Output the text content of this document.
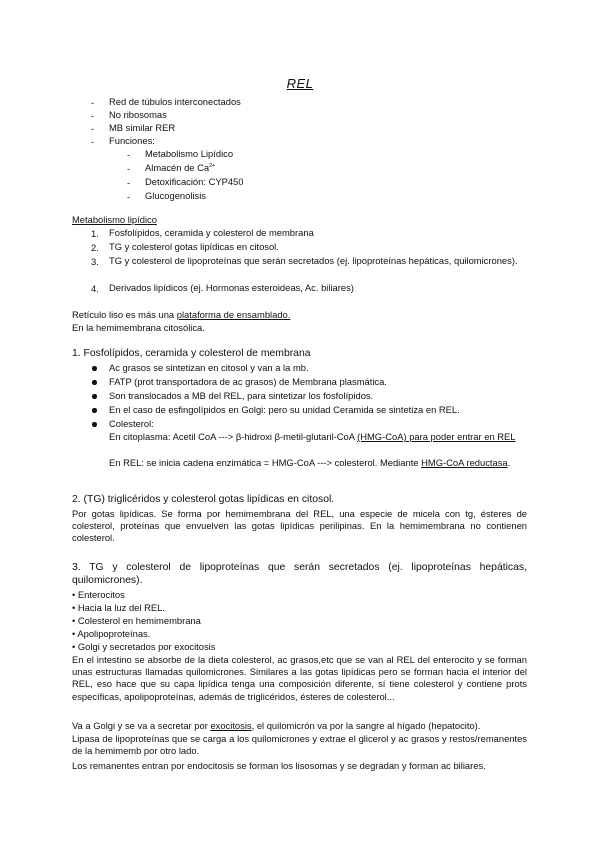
REL
- Red de túbulos interconectados
- No ribosomas
- MB similar RER
- Funciones:
- Metabolismo Lipídico
- Almacén de $Ca^{2+}$
- Detoxificación: CYP450
- Glucogenolisis
Metabolismo lipídico
1. Fosfolípidos, ceramida y colesterol de membrana
2. TG y colesterol gotas lipídicas en citosol.
3. TG y colesterol de lipoproteínas que serán secretados (ej. lipoproteínas hepáticas, quilomicrones).
4. Derivados lipídicos (ej. Hormonas esteroideas, Ac. biliares)
Retículo liso es más una plataforma de ensamblado.
En la hemimembrana citosólica.
1. Fosfolípidos, ceramida y colesterol de membrana
Ac grasos se sintetizan en citosol y van a la mb.
FATP (prot transportadora de ac grasos) de Membrana plasmática.
Son translocados a MB del REL, para sintetizar los fosfolípidos.
En el caso de esfingolípidos en Golgi: pero su unidad Ceramida se sintetiza en REL.
Colesterol:
En citoplasma: Acetil CoA ---> β-hidroxi β-metil-glutaril-CoA (HMG-CoA) para poder entrar en REL
En REL: se inicia cadena enzimática = HMG-CoA ---> colesterol. Mediante HMG-CoA reductasa.
2. (TG) triglicéridos y colesterol gotas lipídicas en citosol.
Por gotas lipídicas. Se forma por hemimembrana del REL, una especie de micela con tg, ésteres de colesterol, proteínas que envuelven las gotas lipídicas perilipinas. En la hemimembrana no contienen colesterol.
3. TG y colesterol de lipoproteínas que serán secretados (ej. lipoproteínas hepáticas, quilomicrones).
• Enterocitos
• Hacia la luz del REL.
• Colesterol en hemimembrana
• Apolipoproteínas.
• Golgi y secretados por exocitosis
En el intestino se absorbe de la dieta colesterol, ac grasos,etc que se van al REL del enterocito y se forman unas estructuras llamadas quilomicrones. Similares a las gotas lipídicas pero se forman hacia el interior del REL, eso hace que su capa lipídica tenga una composición diferente, sí tiene colesterol y contiene prots específicas, apolipoproteínas, además de triglicéridos, ésteres de colesterol...
Va a Golgi y se va a secretar por exocitosis, el quilomicrón va por la sangre al hígado (hepatocito).
Lipasa de lipoproteínas que se carga a los quilomicrones y extrae el glicerol y ac grasos y restos/remanentes de la hemimemb por otro lado.
Los remanentes entran por endocitosis se forman los lisosomas y se degradan y forman ac biliares.
